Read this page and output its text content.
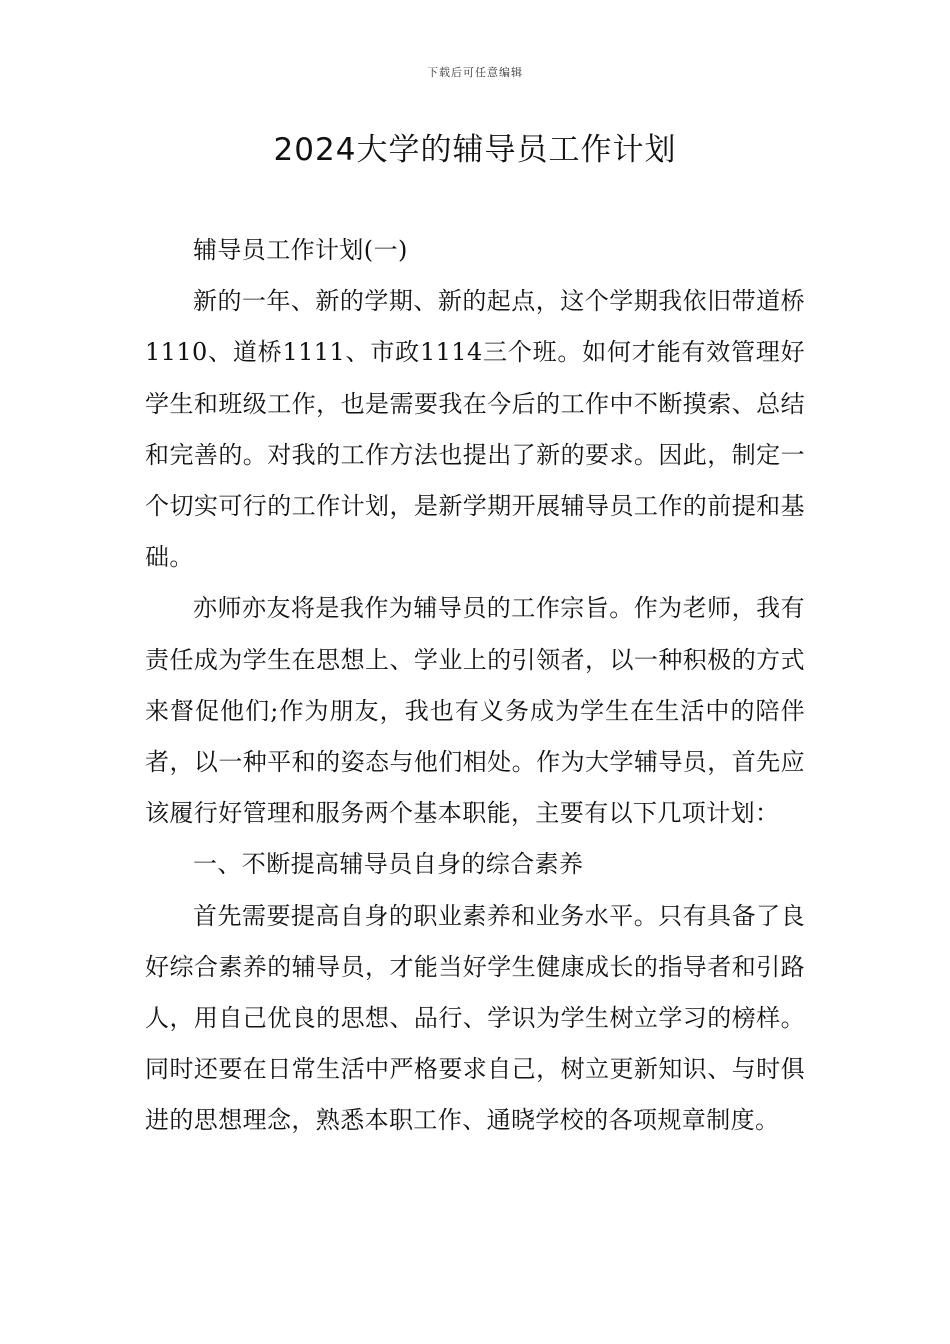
下载后可任意编辑
2024大学的辅导员工作计划

辅导员工作计划(一)

新的一年、新的学期、新的起点，这个学期我依旧带道桥1110、道桥1111、市政1114三个班。如何才能有效管理好学生和班级工作，也是需要我在今后的工作中不断摸索、总结和完善的。对我的工作方法也提出了新的要求。因此，制定一个切实可行的工作计划，是新学期开展辅导员工作的前提和基础。

亦师亦友将是我作为辅导员的工作宗旨。作为老师，我有责任成为学生在思想上、学业上的引领者，以一种积极的方式来督促他们;作为朋友，我也有义务成为学生在生活中的陪伴者，以一种平和的姿态与他们相处。作为大学辅导员，首先应该履行好管理和服务两个基本职能，主要有以下几项计划：

一、不断提高辅导员自身的综合素养

首先需要提高自身的职业素养和业务水平。只有具备了良好综合素养的辅导员，才能当好学生健康成长的指导者和引路人，用自己优良的思想、品行、学识为学生树立学习的榜样。同时还要在日常生活中严格要求自己，树立更新知识、与时俱进的思想理念，熟悉本职工作、通晓学校的各项规章制度。
